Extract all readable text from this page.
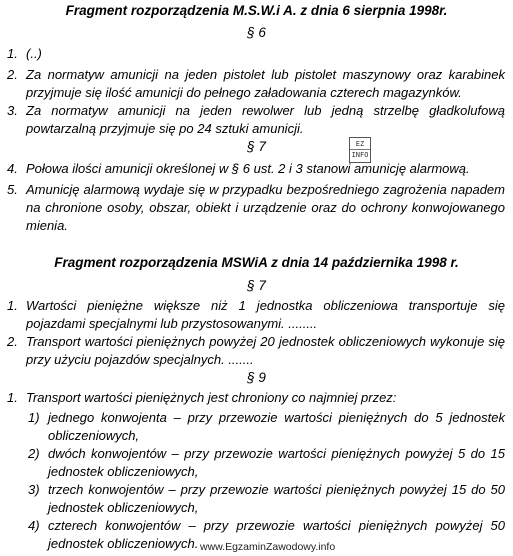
Fragment rozporządzenia M.S.W.i A. z dnia 6 sierpnia 1998r.
§ 6
1. (..)
2. Za normatyw amunicji na jeden pistolet lub pistolet maszynowy oraz karabinek przyjmuje się ilość amunicji do pełnego załadowania czterech magazynków.
3. Za normatyw amunicji na jeden rewolwer lub jedną strzelbę gładkolufową powtarzalną przyjmuje się po 24 sztuki amunicji.
§ 7	EZ
INFO
4. Połowa ilości amunicji określonej w § 6 ust. 2 i 3 stanowi amunicję alarmową.
5. Amunicję alarmową wydaje się w przypadku bezpośredniego zagrożenia napadem na chronione osoby, obszar, obiekt i urządzenie oraz do ochrony konwojowanego mienia.
Fragment rozporządzenia MSWiA z dnia 14 października 1998 r.
§ 7
1. Wartości pieniężne większe niż 1 jednostka obliczeniowa transportuje się pojazdami specjalnymi lub przystosowanymi. ........
2. Transport wartości pieniężnych powyżej 20 jednostek obliczeniowych wykonuje się przy użyciu pojazdów specjalnych. .......
§ 9
1. Transport wartości pieniężnych jest chroniony co najmniej przez:
1) jednego konwojenta – przy przewozie wartości pieniężnych do 5 jednostek obliczeniowych,
2) dwóch konwojentów – przy przewozie wartości pieniężnych powyżej 5 do 15 jednostek obliczeniowych,
3) trzech konwojentów – przy przewozie wartości pieniężnych powyżej 15 do 50 jednostek obliczeniowych,
4) czterech konwojentów – przy przewozie wartości pieniężnych powyżej 50 jednostek obliczeniowych. www.EgzaminZawodowy.info
